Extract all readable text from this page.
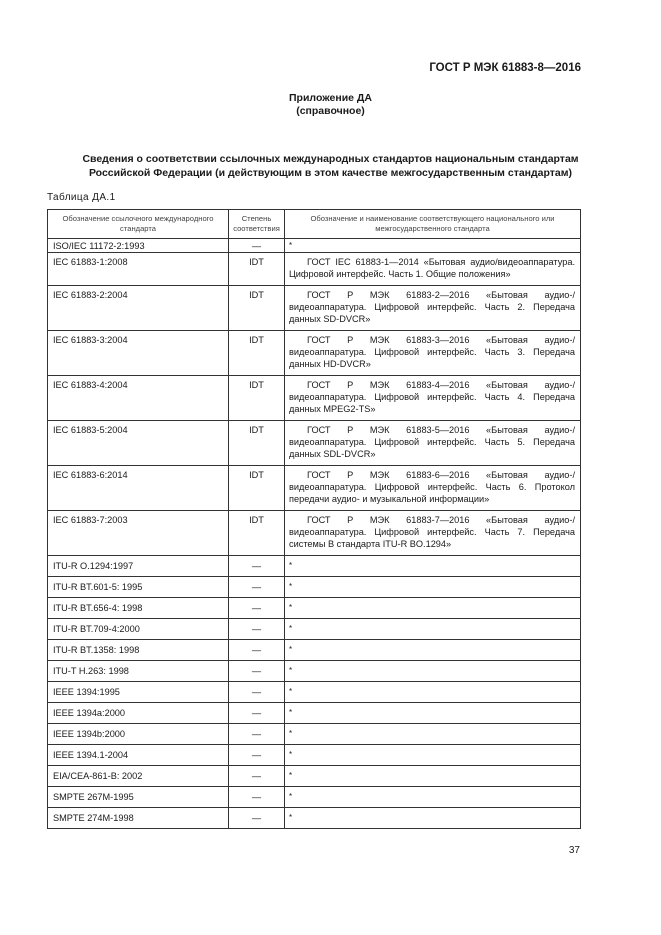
ГОСТ Р МЭК 61883-8—2016
Приложение ДА
(справочное)
Сведения о соответствии ссылочных международных стандартов национальным стандартам
Российской Федерации (и действующим в этом качестве межгосударственным стандартам)
Таблица ДА.1
Обозначение ссылочного международного стандарта	Степень соответствия	Обозначение и наименование соответствующего национального или межгосударственного стандарта
ISO/IEC 11172-2:1993	—	*
IEC 61883-1:2008	IDT	ГОСТ IEC 61883-1—2014 «Бытовая аудио/видеоаппаратура. Цифровой интерфейс. Часть 1. Общие положения»
IEC 61883-2:2004	IDT	ГОСТ Р МЭК 61883-2—2016 «Бытовая аудио-/видеоаппаратура. Цифровой интерфейс. Часть 2. Передача данных SD-DVCR»
IEC 61883-3:2004	IDT	ГОСТ Р МЭК 61883-3—2016 «Бытовая аудио-/видеоаппаратура. Цифровой интерфейс. Часть 3. Передача данных HD-DVCR»
IEC 61883-4:2004	IDT	ГОСТ Р МЭК 61883-4—2016 «Бытовая аудио-/видеоаппаратура. Цифровой интерфейс. Часть 4. Передача данных MPEG2-TS»
IEC 61883-5:2004	IDT	ГОСТ Р МЭК 61883-5—2016 «Бытовая аудио-/видеоаппаратура. Цифровой интерфейс. Часть 5. Передача данных SDL-DVCR»
IEC 61883-6:2014	IDT	ГОСТ Р МЭК 61883-6—2016 «Бытовая аудио-/видеоаппаратура. Цифровой интерфейс. Часть 6. Протокол передачи аудио- и музыкальной информации»
IEC 61883-7:2003	IDT	ГОСТ Р МЭК 61883-7—2016 «Бытовая аудио-/видеоаппаратура. Цифровой интерфейс. Часть 7. Передача системы В стандарта ITU-R BO.1294»
ITU-R O.1294:1997	—	*
ITU-R BT.601-5: 1995	—	*
ITU-R BT.656-4: 1998	—	*
ITU-R BT.709-4:2000	—	*
ITU-R BT.1358: 1998	—	*
ITU-T H.263: 1998	—	*
IEEE 1394:1995	—	*
IEEE 1394a:2000	—	*
IEEE 1394b:2000	—	*
IEEE 1394.1-2004	—	*
EIA/CEA-861-B: 2002	—	*
SMPTE 267M-1995	—	*
SMPTE 274M-1998	—	*
37
